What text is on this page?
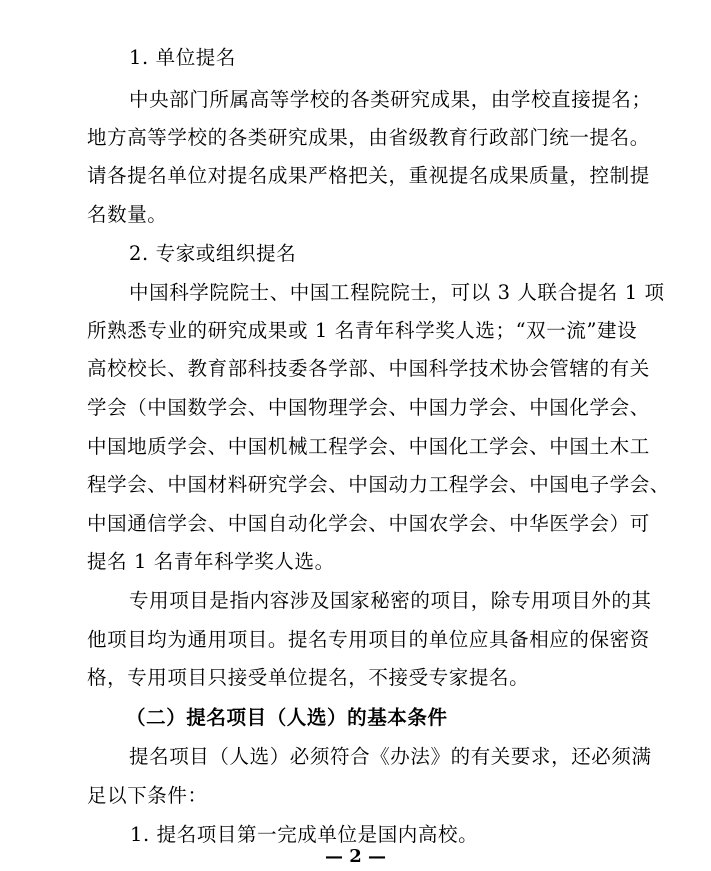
1. 单位提名
中央部门所属高等学校的各类研究成果，由学校直接提名；
地方高等学校的各类研究成果，由省级教育行政部门统一提名。
请各提名单位对提名成果严格把关，重视提名成果质量，控制提
名数量。
2. 专家或组织提名
中国科学院院士、中国工程院院士，可以 3 人联合提名 1 项
所熟悉专业的研究成果或 1 名青年科学奖人选；“双一流”建设
高校校长、教育部科技委各学部、中国科学技术协会管辖的有关
学会（中国数学会、中国物理学会、中国力学会、中国化学会、
中国地质学会、中国机械工程学会、中国化工学会、中国土木工
程学会、中国材料研究学会、中国动力工程学会、中国电子学会、
中国通信学会、中国自动化学会、中国农学会、中华医学会）可
提名 1 名青年科学奖人选。
专用项目是指内容涉及国家秘密的项目，除专用项目外的其
他项目均为通用项目。提名专用项目的单位应具备相应的保密资
格，专用项目只接受单位提名，不接受专家提名。
（二）提名项目（人选）的基本条件
提名项目（人选）必须符合《办法》的有关要求，还必须满
足以下条件：
1. 提名项目第一完成单位是国内高校。
— 2 —
